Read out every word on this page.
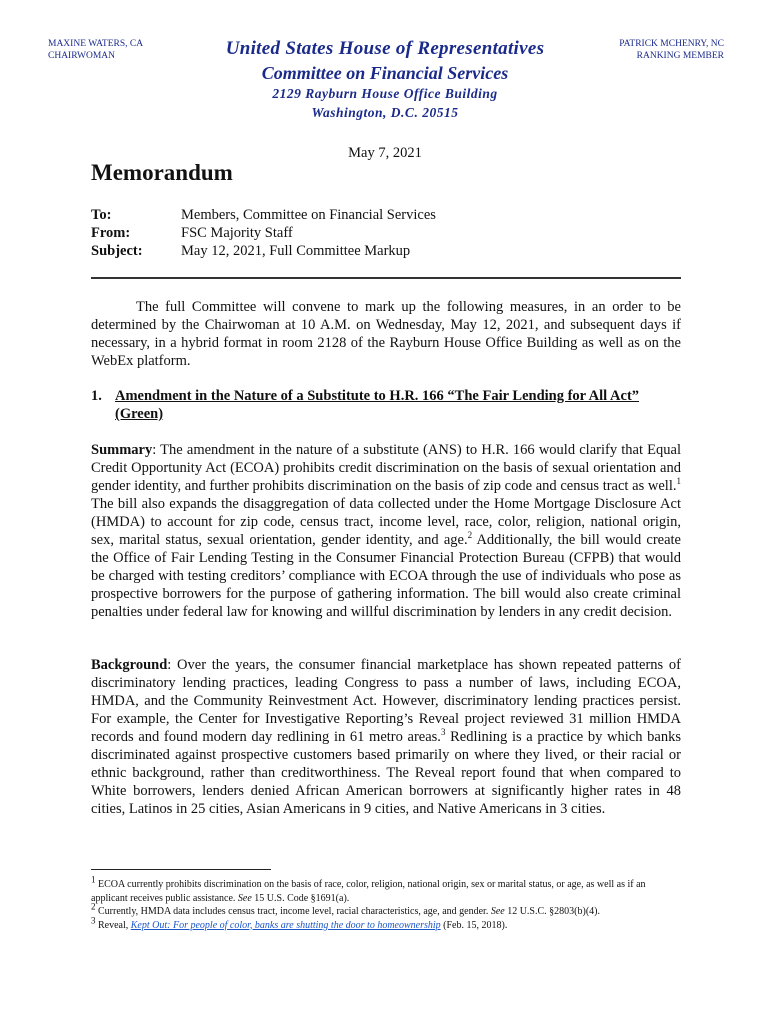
MAXINE WATERS, CA
CHAIRWOMAN
PATRICK MCHENRY, NC
RANKING MEMBER
United States House of Representatives
Committee on Financial Services
2129 Rayburn House Office Building
Washington, D.C. 20515
May 7, 2021
Memorandum
To:	Members, Committee on Financial Services
From:	FSC Majority Staff
Subject:	May 12, 2021, Full Committee Markup

The full Committee will convene to mark up the following measures, in an order to be determined by the Chairwoman at 10 A.M. on Wednesday, May 12, 2021, and subsequent days if necessary, in a hybrid format in room 2128 of the Rayburn House Office Building as well as on the WebEx platform.

1. Amendment in the Nature of a Substitute to H.R. 166 “The Fair Lending for All Act” (Green)

Summary: The amendment in the nature of a substitute (ANS) to H.R. 166 would clarify that Equal Credit Opportunity Act (ECOA) prohibits credit discrimination on the basis of sexual orientation and gender identity, and further prohibits discrimination on the basis of zip code and census tract as well.$^1$ The bill also expands the disaggregation of data collected under the Home Mortgage Disclosure Act (HMDA) to account for zip code, census tract, income level, race, color, religion, national origin, sex, marital status, sexual orientation, gender identity, and age.$^2$ Additionally, the bill would create the Office of Fair Lending Testing in the Consumer Financial Protection Bureau (CFPB) that would be charged with testing creditors’ compliance with ECOA through the use of individuals who pose as prospective borrowers for the purpose of gathering information. The bill would also create criminal penalties under federal law for knowing and willful discrimination by lenders in any credit decision.

Background: Over the years, the consumer financial marketplace has shown repeated patterns of discriminatory lending practices, leading Congress to pass a number of laws, including ECOA, HMDA, and the Community Reinvestment Act. However, discriminatory lending practices persist. For example, the Center for Investigative Reporting’s Reveal project reviewed 31 million HMDA records and found modern day redlining in 61 metro areas.$^3$ Redlining is a practice by which banks discriminated against prospective customers based primarily on where they lived, or their racial or ethnic background, rather than creditworthiness. The Reveal report found that when compared to White borrowers, lenders denied African American borrowers at significantly higher rates in 48 cities, Latinos in 25 cities, Asian Americans in 9 cities, and Native Americans in 3 cities.

$^1$ ECOA currently prohibits discrimination on the basis of race, color, religion, national origin, sex or marital status, or age, as well as if an applicant receives public assistance. See 15 U.S. Code §1691(a).

$^2$ Currently, HMDA data includes census tract, income level, racial characteristics, age, and gender. See 12 U.S.C. §2803(b)(4).

$^3$ Reveal, Kept Out: For people of color, banks are shutting the door to homeownership (Feb. 15, 2018).
